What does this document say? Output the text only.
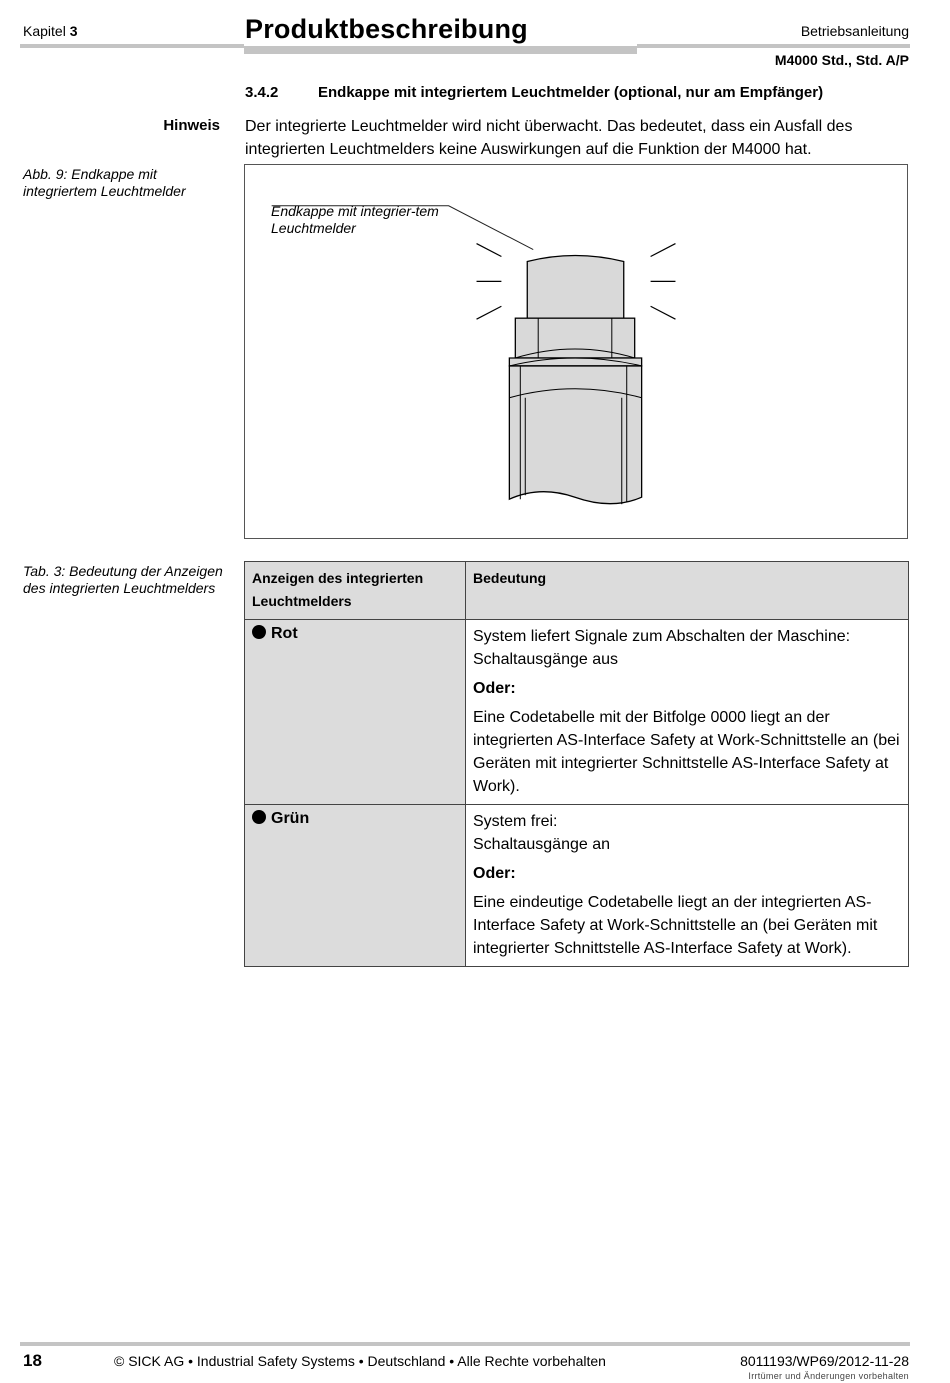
Kapitel 3	Produktbeschreibung	Betriebsanleitung
M4000 Std., Std. A/P
3.4.2	Endkappe mit integriertem Leuchtmelder (optional, nur am Empfänger)
Hinweis Der integrierte Leuchtmelder wird nicht überwacht. Das bedeutet, dass ein Ausfall des integrierten Leuchtmelders keine Auswirkungen auf die Funktion der M4000 hat.
Abb. 9: Endkappe mit integriertem Leuchtmelder
Endkappe mit integrier-tem Leuchtmelder
Tab. 3: Bedeutung der Anzeigen des integrierten Leuchtmelders
Anzeigen des integrierten Leuchtmelders	Bedeutung
Rot	System liefert Signale zum Abschalten der Maschine: Schaltausgänge aus
Oder:
Eine Codetabelle mit der Bitfolge 0000 liegt an der integrierten AS-Interface Safety at Work-Schnittstelle an (bei Geräten mit integrierter Schnittstelle AS-Interface Safety at Work).

Grün	System frei:
Schaltausgänge an
Oder:
Eine eindeutige Codetabelle liegt an der integrierten AS-Interface Safety at Work-Schnittstelle an (bei Geräten mit integrierter Schnittstelle AS-Interface Safety at Work).
18	© SICK AG • Industrial Safety Systems • Deutschland • Alle Rechte vorbehalten	8011193/WP69/2012-11-28
Irrtümer und Änderungen vorbehalten
